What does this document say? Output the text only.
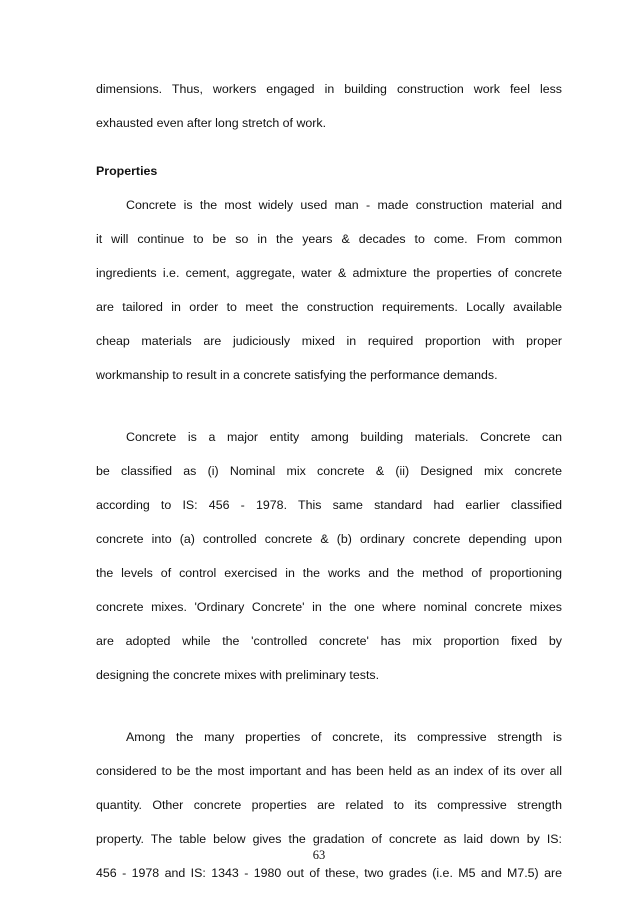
dimensions. Thus, workers engaged in building construction work feel less
exhausted even after long stretch of work.
Properties
Concrete is the most widely used man - made construction material and
it will continue to be so in the years & decades to come. From common
ingredients i.e. cement, aggregate, water & admixture the properties of concrete
are tailored in order to meet the construction requirements. Locally available
cheap materials are judiciously mixed in required proportion with proper
workmanship to result in a concrete satisfying the performance demands.
Concrete is a major entity among building materials. Concrete can
be classified as (i) Nominal mix concrete & (ii) Designed mix concrete
according to IS: 456 - 1978. This same standard had earlier classified
concrete into (a) controlled concrete & (b) ordinary concrete depending upon
the levels of control exercised in the works and the method of proportioning
concrete mixes. 'Ordinary Concrete' in the one where nominal concrete mixes
are adopted while the 'controlled concrete' has mix proportion fixed by
designing the concrete mixes with preliminary tests.
Among the many properties of concrete, its compressive strength is
considered to be the most important and has been held as an index of its over all
quantity. Other concrete properties are related to its compressive strength
property. The table below gives the gradation of concrete as laid down by IS:
456 - 1978 and IS: 1343 - 1980 out of these, two grades (i.e. M5 and M7.5) are
63
